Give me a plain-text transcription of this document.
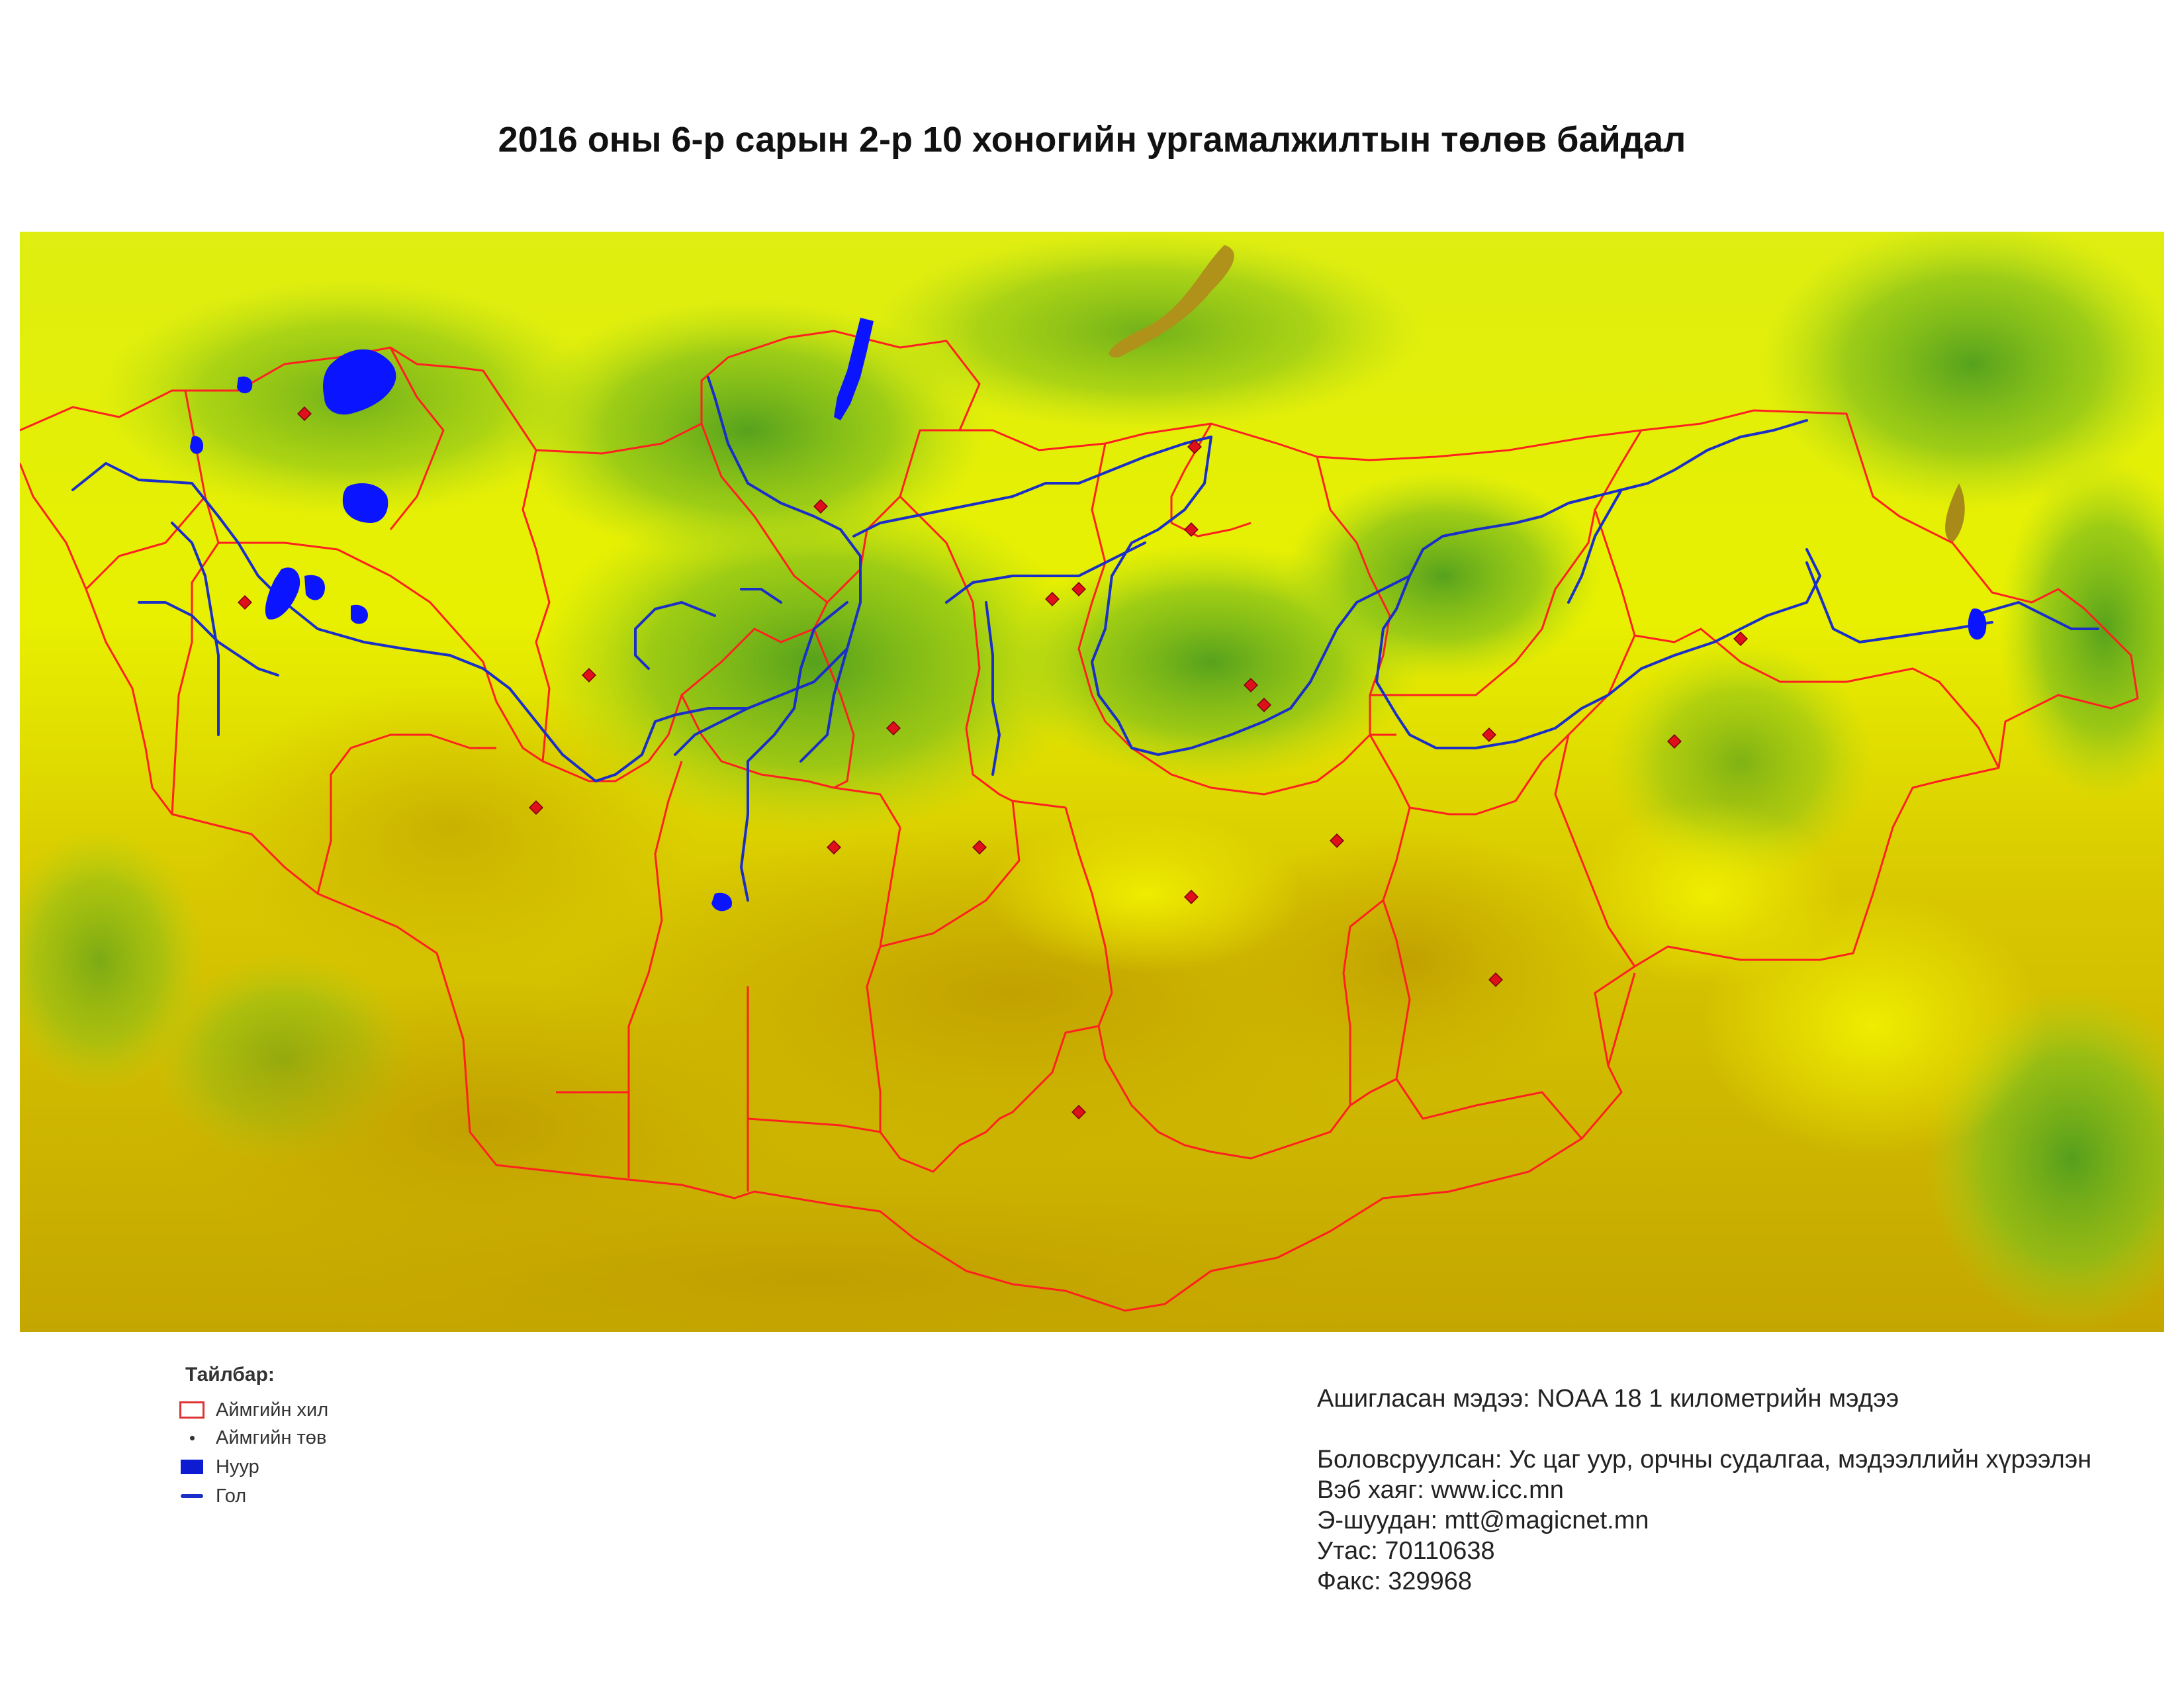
2016 оны 6-р сарын 2-р 10 хоногийн ургамалжилтын төлөв байдал
Тайлбар:
Аймгийн хил
Аймгийн төв
Нуур
Гол
Ашигласан мэдээ: NOAA 18 1 километрийн мэдээ
Боловсруулсан: Ус цаг уур, орчны судалгаа, мэдээллийн хүрээлэн
Вэб хаяг: www.icc.mn
Э-шуудан: mtt@magicnet.mn
Утас: 70110638
Факс: 329968
